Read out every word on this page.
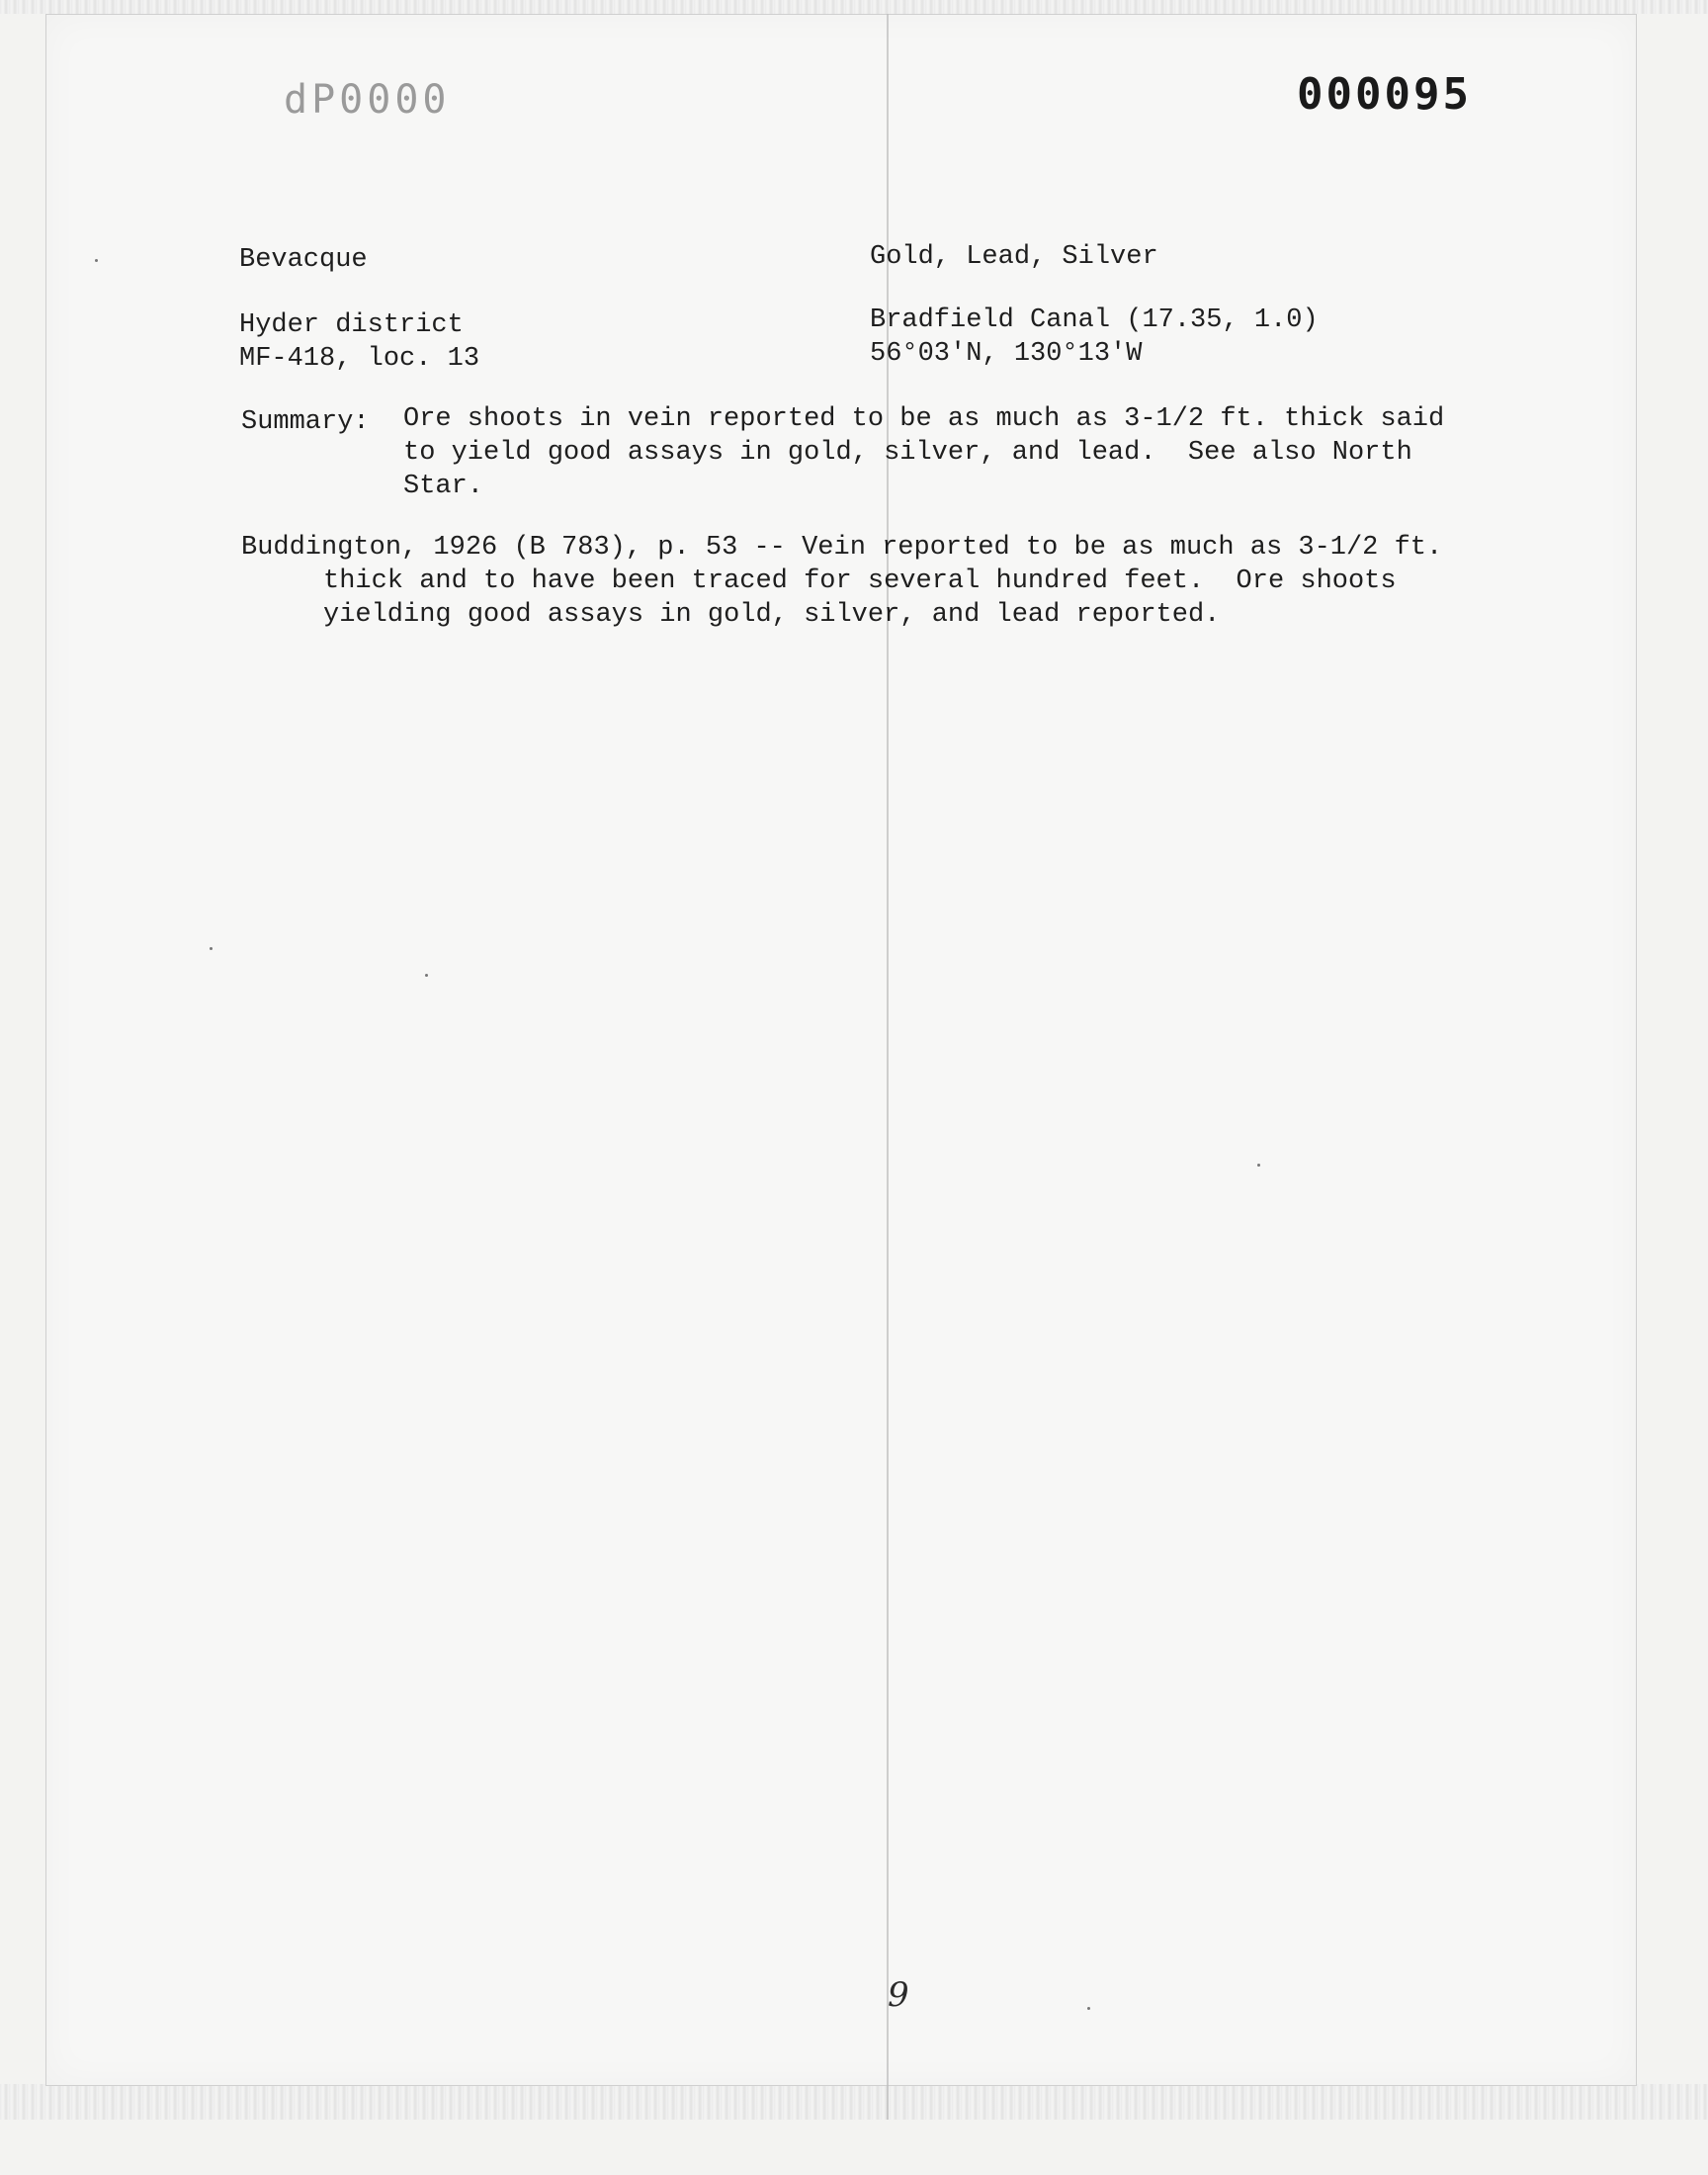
dP0000	000095
Bevacque	Gold, Lead, Silver
Hyder district
MF-418, loc. 13
Bradfield Canal (17.35, 1.0)
56°03'N, 130°13'W
Summary: Ore shoots in vein reported to be as much as 3-1/2 ft. thick said
to yield good assays in gold, silver, and lead.  See also North
Star.
Buddington, 1926 (B 783), p. 53 -- Vein reported to be as much as 3-1/2 ft.
thick and to have been traced for several hundred feet.  Ore shoots
yielding good assays in gold, silver, and lead reported.
9
